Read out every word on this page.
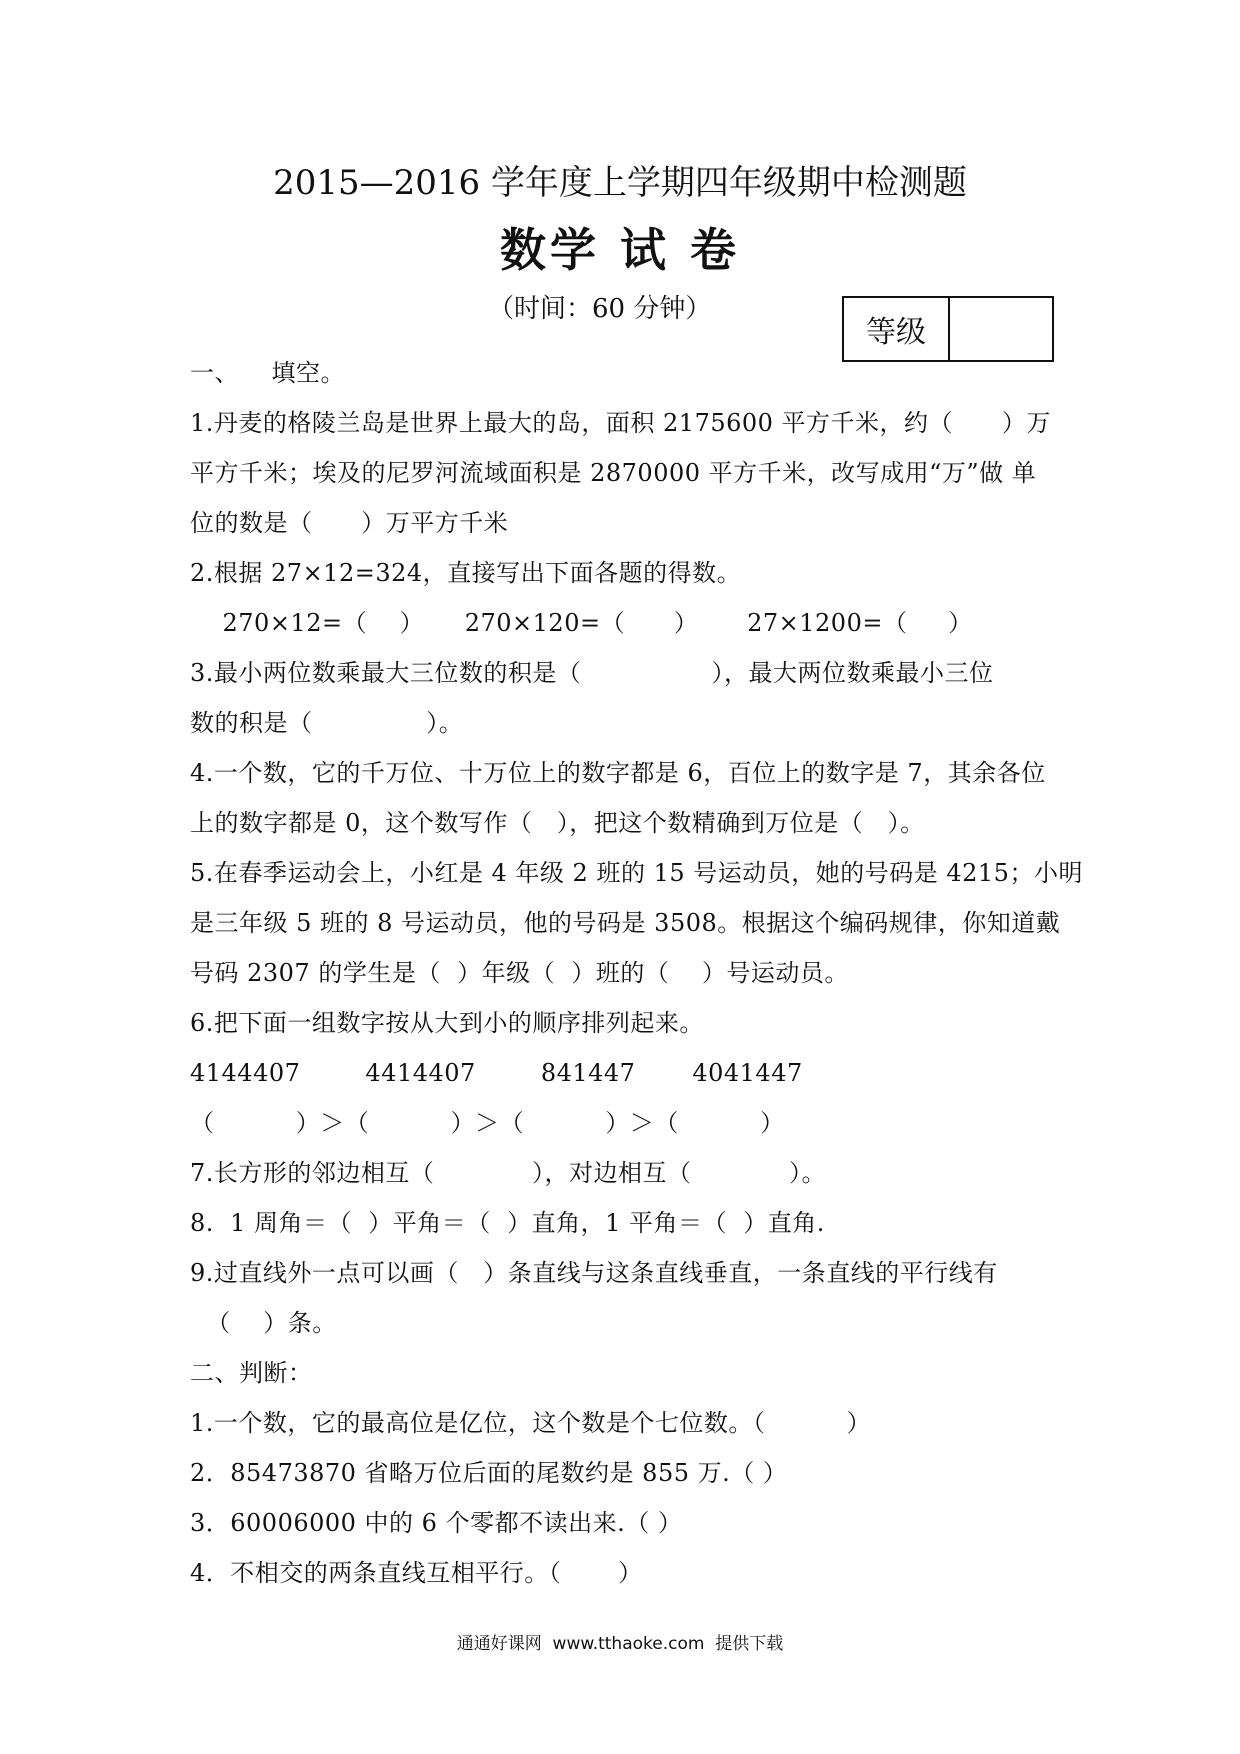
2015—2016 学年度上学期四年级期中检测题
数学 试 卷
（时间：60 分钟）
等级
一、    填空。
1.丹麦的格陵兰岛是世界上最大的岛，面积 2175600 平方千米，约（      ）万
平方千米；埃及的尼罗河流域面积是 2870000 平方千米，改写成用“万”做 单
位的数是（      ）万平方千米
2.根据 27×12=324，直接写出下面各题的得数。
270×12=（    ）     270×120=（      ）      27×1200=（     ）
3.最小两位数乘最大三位数的积是（                ），最大两位数乘最小三位
数的积是（              ）。
4.一个数，它的千万位、十万位上的数字都是 6，百位上的数字是 7，其余各位
上的数字都是 0，这个数写作（   ），把这个数精确到万位是（   ）。
5.在春季运动会上，小红是 4 年级 2 班的 15 号运动员，她的号码是 4215；小明
是三年级 5 班的 8 号运动员，他的号码是 3508。根据这个编码规律，你知道戴
号码 2307 的学生是（  ）年级（  ）班的（    ）号运动员。
6.把下面一组数字按从大到小的顺序排列起来。
4144407        4414407        841447       4041447
（          ）＞（          ）＞（          ）＞（          ）
7.长方形的邻边相互（            ），对边相互（            ）。
8.  1 周角＝（  ）平角＝（  ）直角，1 平角＝（  ）直角.
9.过直线外一点可以画（   ）条直线与这条直线垂直，一条直线的平行线有
（    ）条。
二、判断：
1.一个数，它的最高位是亿位，这个数是个七位数。（          ）
2．85473870 省略万位后面的尾数约是 855 万.（ ）
3．60006000 中的 6 个零都不读出来.（ ）
4．不相交的两条直线互相平行。（       ）
通通好课网  www.tthaoke.com  提供下载
